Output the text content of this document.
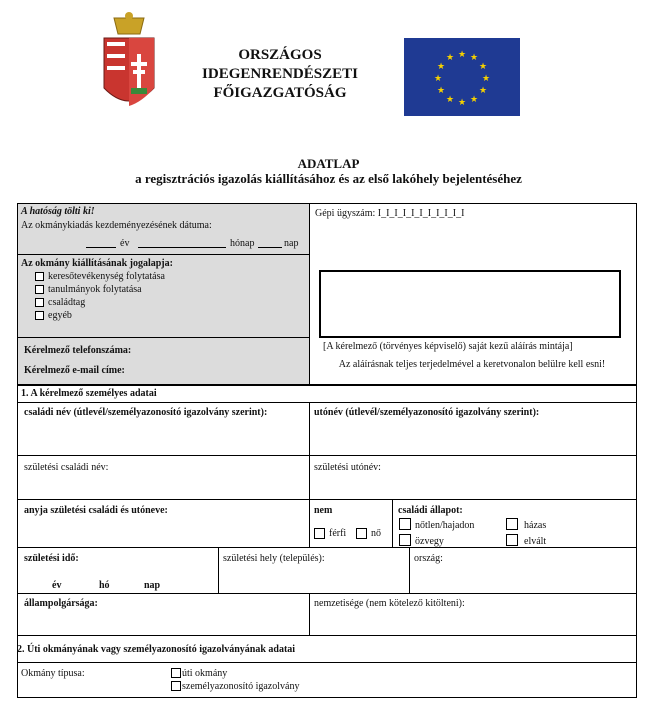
ORSZÁGOS
IDEGENRENDÉSZETI
FŐIGAZGATÓSÁG
★ ★
★
★
★
★
★
★
★
★
★
★
ADATLAP
a regisztrációs igazolás kiállításához és az első lakóhely bejelentéséhez
A hatóság tölti ki!
Az okmánykiadás kezdeményezésének dátuma:
év	hónap	nap
Az okmány kiállításának jogalapja:
keresőtevékenység folytatása
tanulmányok folytatása
családtag
egyéb
Kérelmező telefonszáma:
Kérelmező e-mail címe:
Gépi ügyszám: I_I_I_I_I_I_I_I_I_I_I
[A kérelmező (törvényes képviselő) saját kezű aláírás mintája]
Az aláírásnak teljes terjedelmével a keretvonalon belülre kell esni!
1. A kérelmező személyes adatai
családi név (útlevél/személyazonosító igazolvány szerint):	utónév (útlevél/személyazonosító igazolvány szerint):
születési családi név:	születési utónév:
anyja születési családi és utóneve:	nem
férfi nő
családi állapot:
nőtlen/hajadon	házas
özvegy	elvált
születési idő:
év	hó	nap
születési hely (település):	ország:
állampolgársága:	nemzetisége (nem kötelező kitölteni):
2. Úti okmányának vagy személyazonosító igazolványának adatai
Okmány típusa:	úti okmány
személyazonosító igazolvány
